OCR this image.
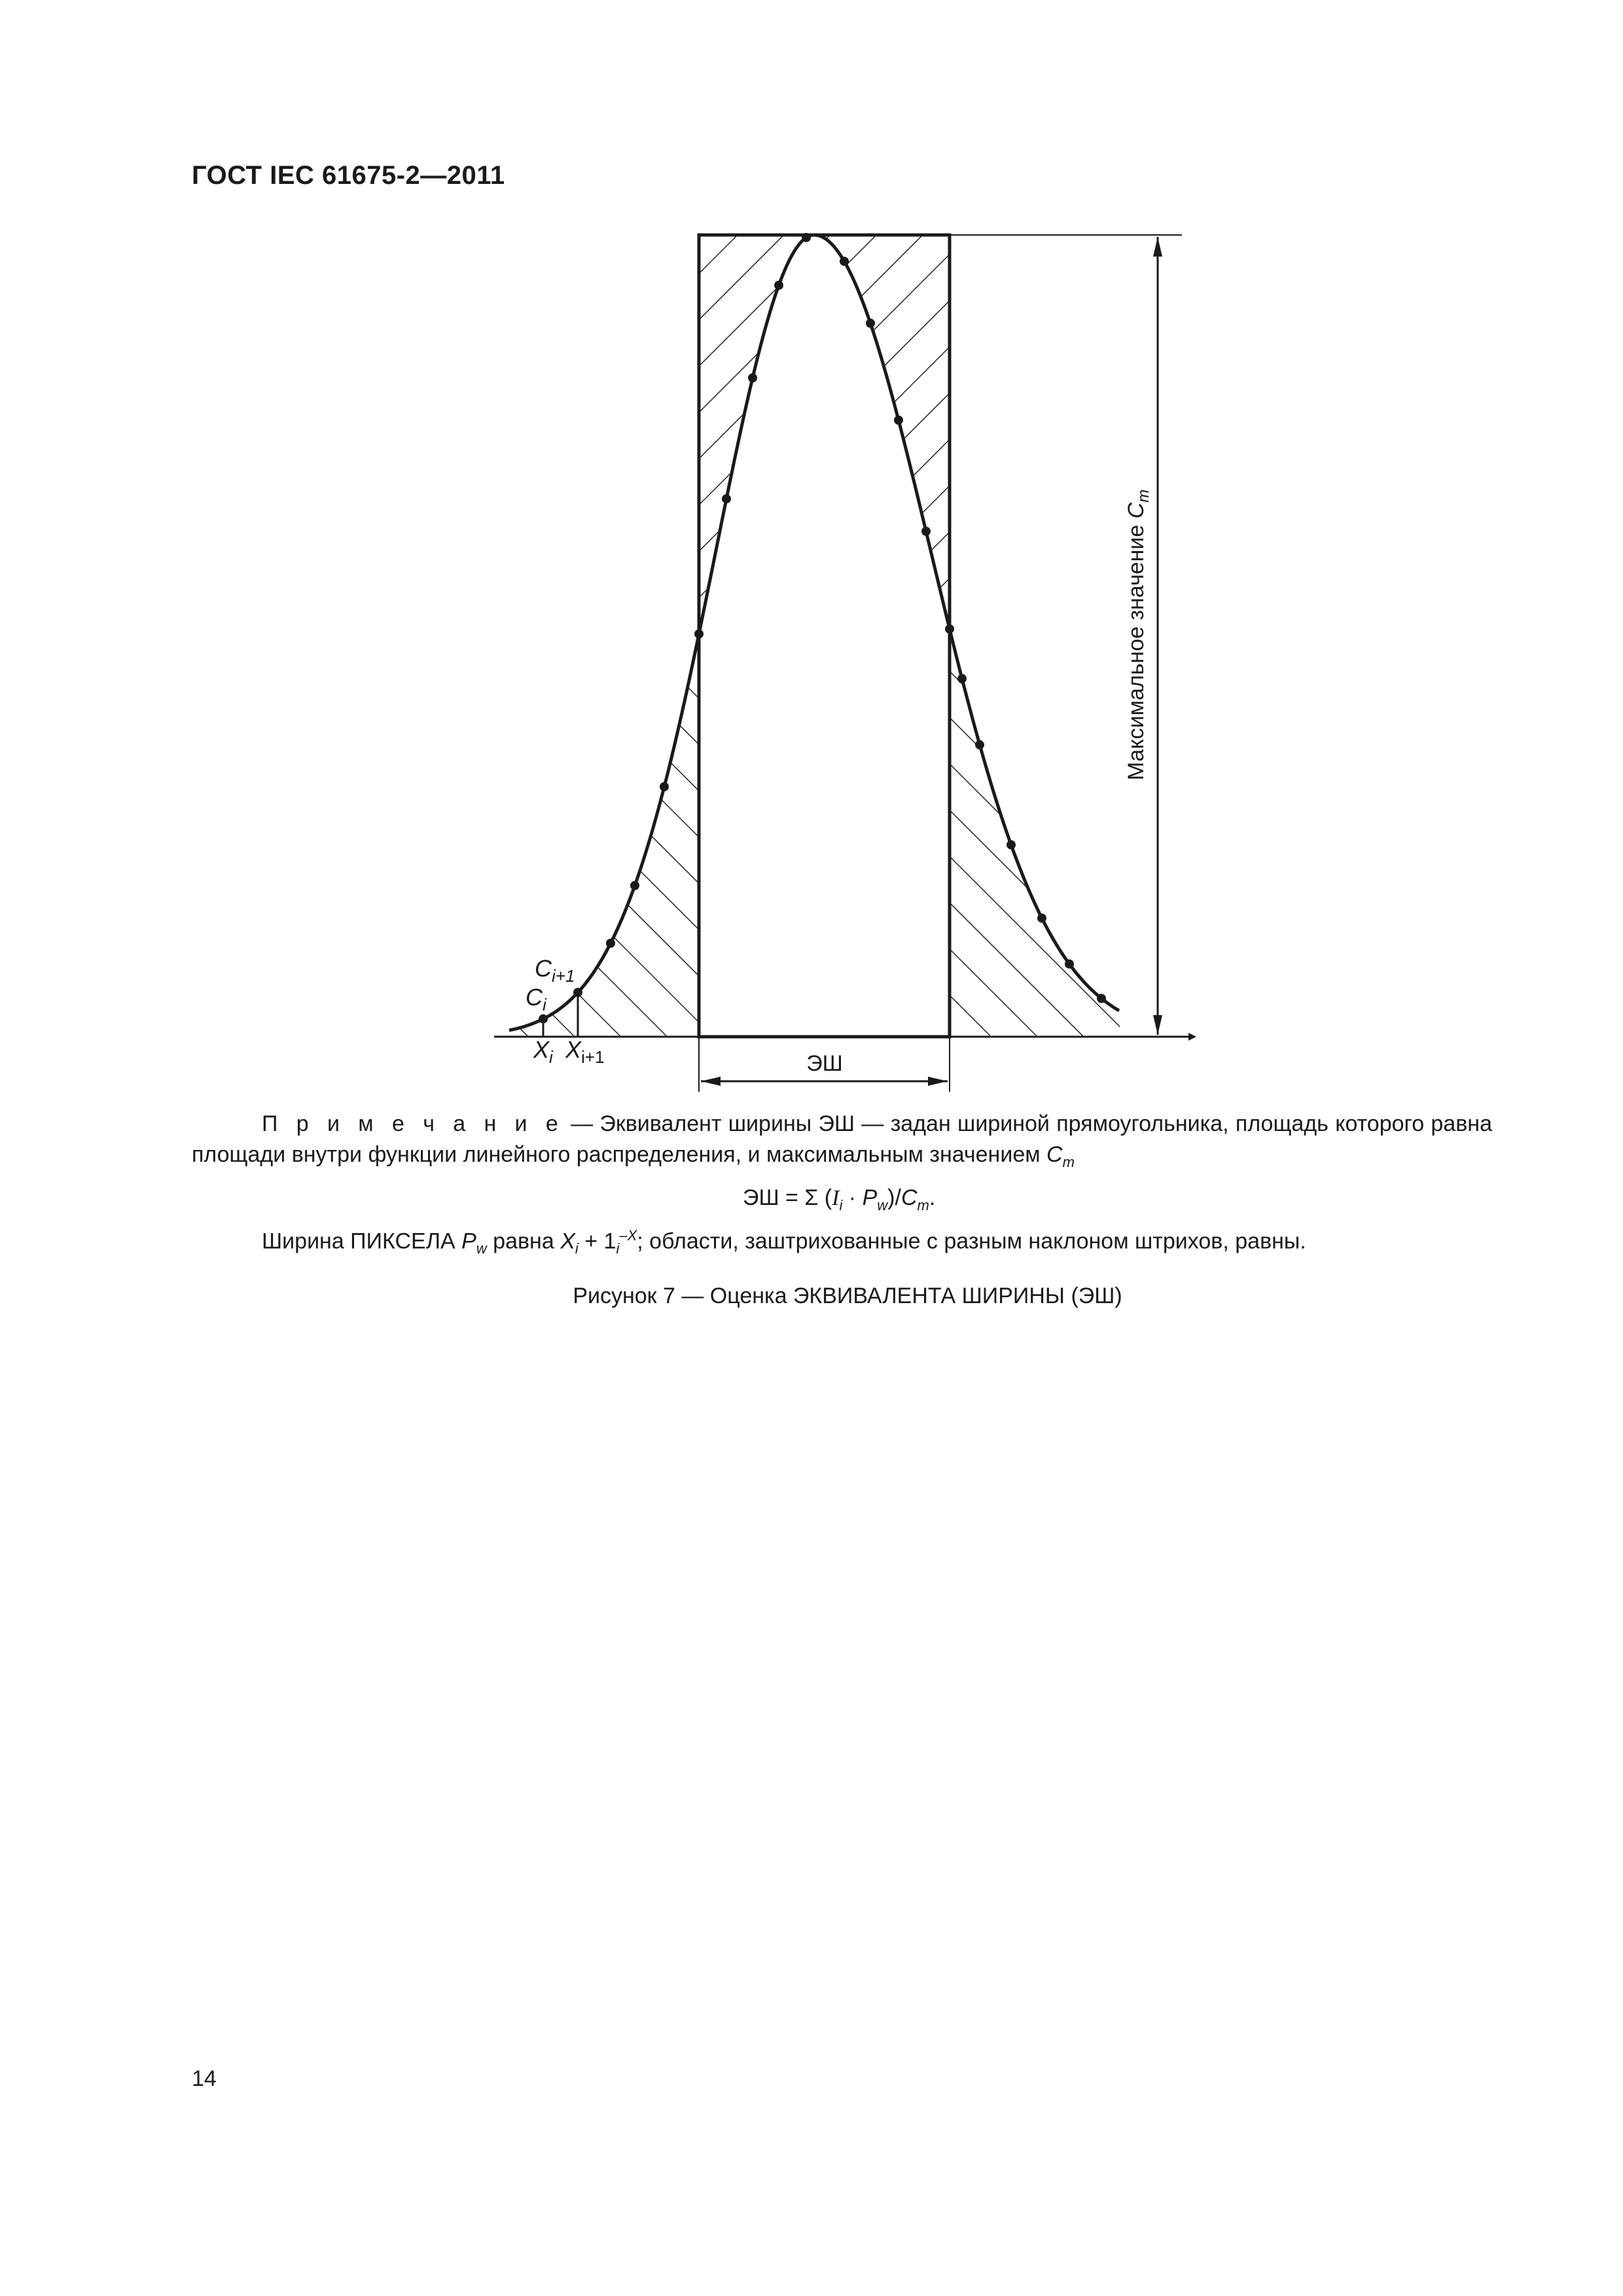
ГОСТ IEC 61675-2—2011
$C_{i+1}$
$C_i$
$X_i$ $X_{i+1}$	ЭШ
Максимальное значение $C_m$
П р и м е ч а н и е — Эквивалент ширины ЭШ — задан шириной прямоугольника, площадь которого равна
площади внутри функции линейного распределения, и максимальным значением $C_m$
ЭШ = Σ $(I_i \cdot P_w)/C_m$.
Ширина ПИКСЕЛА $P_w$ равна $X_i + 1_i^{-X}$; области, заштрихованные с разным наклоном штрихов, равны.
Рисунок 7 — Оценка ЭКВИВАЛЕНТА ШИРИНЫ (ЭШ)
14
